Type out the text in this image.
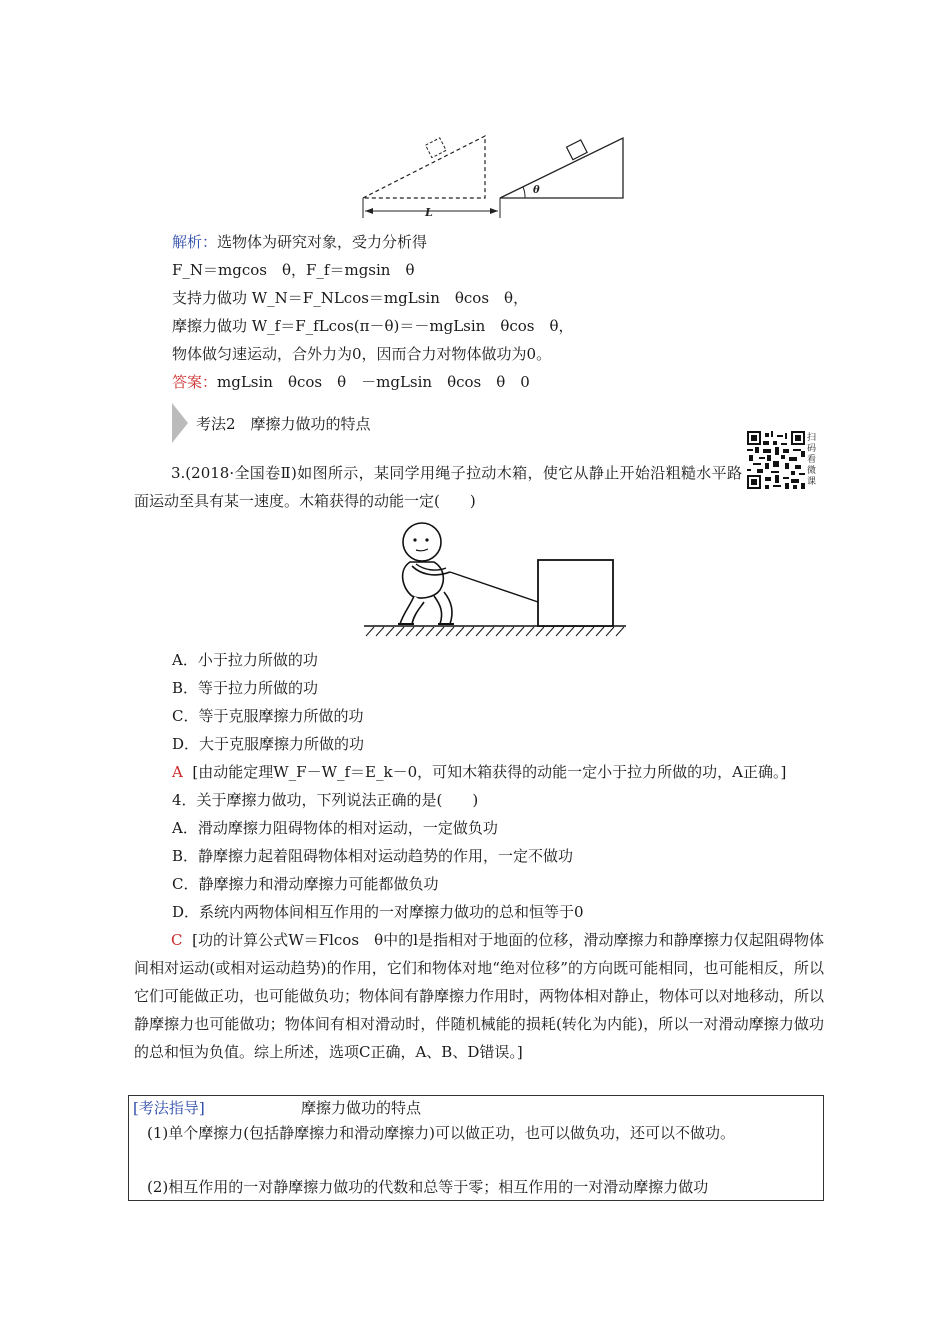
L
θ
解析：选物体为研究对象，受力分析得
F_N＝mgcos　θ，F_f＝mgsin　θ
支持力做功 W_N＝F_NLcos＝mgLsin　θcos　θ，
摩擦力做功 W_f＝F_fLcos(π－θ)＝－mgLsin　θcos　θ，
物体做匀速运动，合外力为0，因而合力对物体做功为0。
答案：mgLsin　θcos　θ　－mgLsin　θcos　θ　0
考法2　摩擦力做功的特点
扫码看微课
3.(2018·全国卷Ⅱ)如图所示，某同学用绳子拉动木箱，使它从静止开始沿粗糙水平路面运动至具有某一速度。木箱获得的动能一定(　　)
A．小于拉力所做的功
B．等于拉力所做的功
C．等于克服摩擦力所做的功
D．大于克服摩擦力所做的功
A [由动能定理W_F－W_f＝E_k－0，可知木箱获得的动能一定小于拉力所做的功，A正确。]
4．关于摩擦力做功，下列说法正确的是(　　)
A．滑动摩擦力阻碍物体的相对运动，一定做负功
B．静摩擦力起着阻碍物体相对运动趋势的作用，一定不做功
C．静摩擦力和滑动摩擦力可能都做负功
D．系统内两物体间相互作用的一对摩擦力做功的总和恒等于0
C [功的计算公式W＝Flcos　θ中的l是指相对于地面的位移，滑动摩擦力和静摩擦力仅起阻碍物体间相对运动(或相对运动趋势)的作用，它们和物体对地“绝对位移”的方向既可能相同，也可能相反，所以它们可能做正功，也可能做负功；物体间有静摩擦力作用时，两物体相对静止，物体可以对地移动，所以静摩擦力也可能做功；物体间有相对滑动时，伴随机械能的损耗(转化为内能)，所以一对滑动摩擦力做功的总和恒为负值。综上所述，选项C正确，A、B、D错误。]
[考法指导]	摩擦力做功的特点
(1)单个摩擦力(包括静摩擦力和滑动摩擦力)可以做正功，也可以做负功，还可以不做功。
(2)相互作用的一对静摩擦力做功的代数和总等于零；相互作用的一对滑动摩擦力做功
